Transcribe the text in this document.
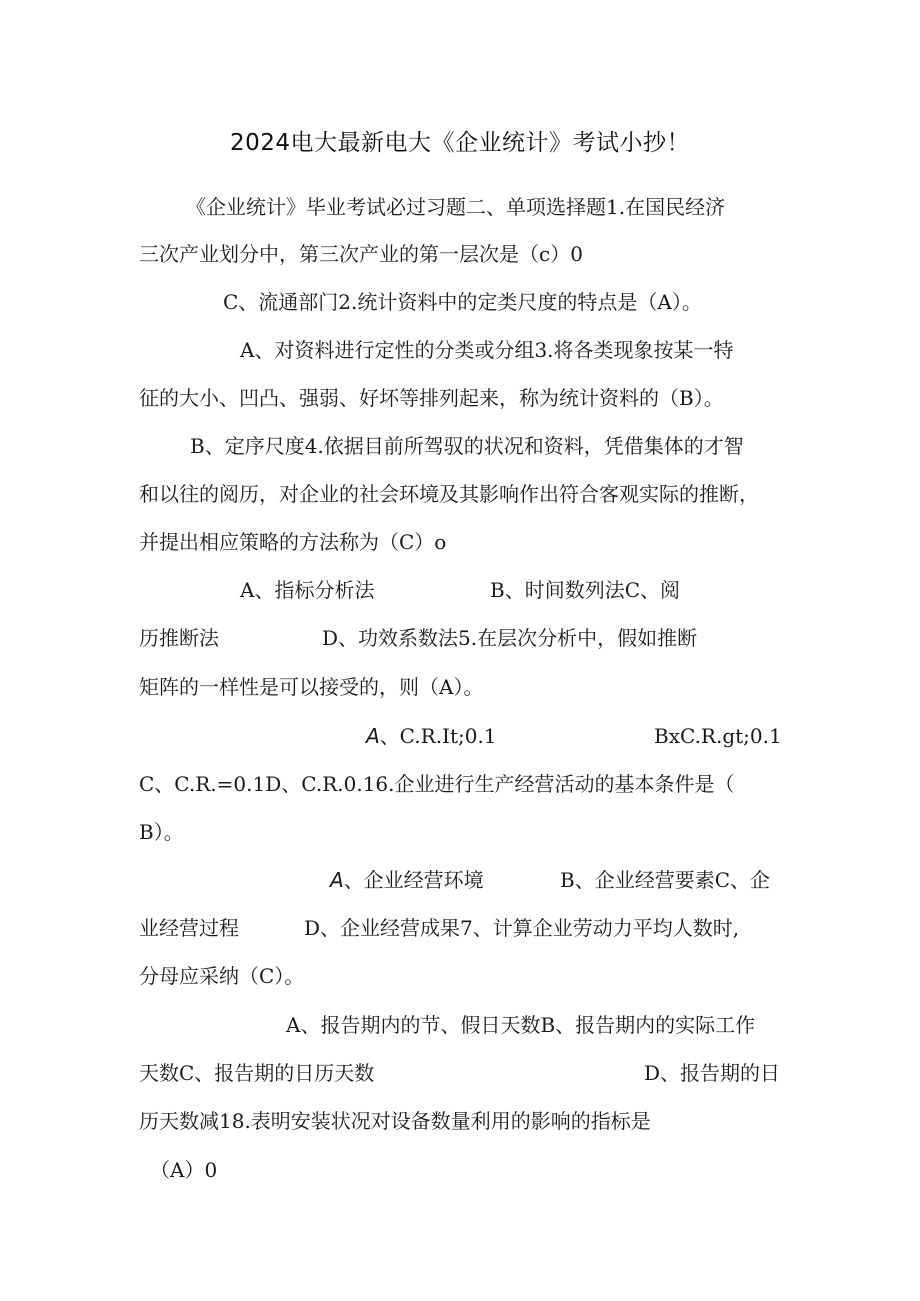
2024电大最新电大《企业统计》考试小抄！
《企业统计》毕业考试必过习题二、单项选择题1.在国民经济
三次产业划分中，第三次产业的第一层次是（c）0
C、流通部门2.统计资料中的定类尺度的特点是（A）。
A、对资料进行定性的分类或分组3.将各类现象按某一特
征的大小、凹凸、强弱、好坏等排列起来，称为统计资料的（B）。
B、定序尺度4.依据目前所驾驭的状况和资料，凭借集体的才智
和以往的阅历，对企业的社会环境及其影响作出符合客观实际的推断，
并提出相应策略的方法称为（C）o
A、指标分析法	B、时间数列法C、阅
历推断法	D、功效系数法5.在层次分析中，假如推断
矩阵的一样性是可以接受的，则（A）。
A、C.R.It;0.1	BxC.R.gt;0.1
C、C.R.=0.1D、C.R.0.16.企业进行生产经营活动的基本条件是（
B）。
A、企业经营环境	B、企业经营要素C、企
业经营过程	D、企业经营成果7、计算企业劳动力平均人数时,
分母应采纳（C）。
A、报告期内的节、假日天数B、报告期内的实际工作
天数C、报告期的日历天数	D、报告期的日
历天数减18.表明安装状况对设备数量利用的影响的指标是
（A）0
